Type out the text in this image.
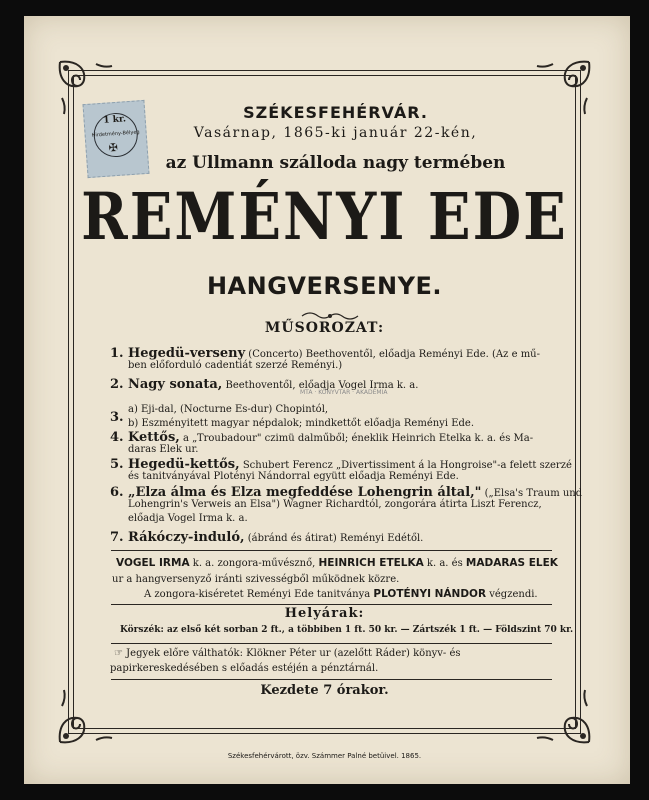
1 kr.
Hirdetmény-Bélyeg
✠
SZÉKESFEHÉRVÁR.
Vasárnap, 1865-ki január 22-kén,
az Ullmann szálloda nagy termében
REMÉNYI EDE
HANGVERSENYE.
MŰSOROZAT:
MTA · KÖNYVTÁR · AKADÉMIA
1. Hegedü-verseny (Concerto) Beethoventől, előadja Reményi Ede. (Az e mű-
ben előforduló cadentiát szerzé Reményi.)
2. Nagy sonata, Beethoventől, előadja Vogel Irma k. a.
3.
a) Eji-dal, (Nocturne Es-dur) Chopintól,
b) Eszményitett magyar népdalok; mindkettőt előadja Reményi Ede.
4. Kettős, a „Troubadour" czimü dalműből; éneklik Heinrich Etelka k. a. és Ma-
daras Elek ur.
5. Hegedü-kettős, Schubert Ferencz „Divertissiment á la Hongroise"-a felett szerzé
és tanitványával Plotényi Nándorral együtt előadja Reményi Ede.
6. „Elza álma és Elza megfeddése Lohengrin által," („Elsa's Traum und
Lohengrin's Verweis an Elsa") Wagner Richardtól, zongorára átirta Liszt Ferencz,
előadja Vogel Irma k. a.
7. Rákóczy-induló, (ábránd és átirat) Reményi Edétől.
VOGEL IRMA k. a. zongora-művésznő, HEINRICH ETELKA k. a. és MADARAS ELEK
ur a hangversenyző iránti szivességből működnek közre.
A zongora-kiséretet Reményi Ede tanitványa PLOTÉNYI NÁNDOR végzendi.
Helyárak:
Körszék: az első két sorban 2 ft., a többiben 1 ft. 50 kr. — Zártszék 1 ft. — Földszint 70 kr.
☞ Jegyek előre válthatók: Klökner Péter ur (azelőtt Ráder) könyv- és
papirkereskedésében s előadás estéjén a pénztárnál.
Kezdete 7 órakor.
Székesfehérvárott, özv. Számmer Palné betüivel. 1865.
